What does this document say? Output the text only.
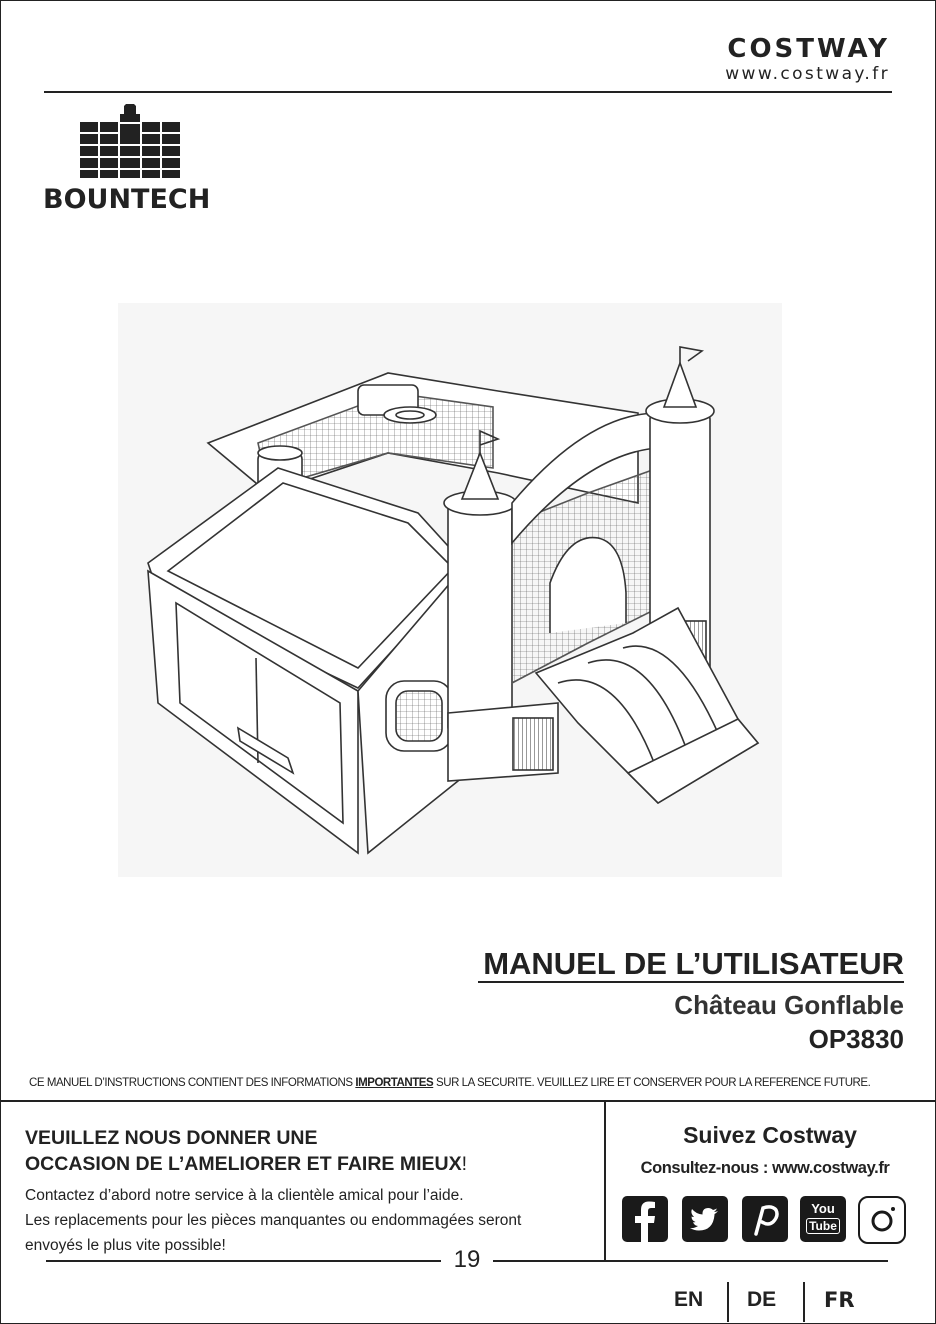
COSTWAY
www.costway.fr
BOUNTECH
MANUEL DE L’UTILISATEUR
Château Gonflable
OP3830
CE MANUEL D’INSTRUCTIONS CONTIENT DES INFORMATIONS IMPORTANTES SUR LA SECURITE. VEUILLEZ LIRE ET CONSERVER POUR LA REFERENCE FUTURE.
VEUILLEZ NOUS DONNER UNE
OCCASION DE L’AMELIORER ET FAIRE MIEUX!
Contactez d’abord notre service à la clientèle amical pour l’aide.
Les replacements pour les pièces manquantes ou endommagées seront
envoyés le plus vite possible!
Suivez Costway
Consultez-nous : www.costway.fr
You
Tube
19
EN DE FR
